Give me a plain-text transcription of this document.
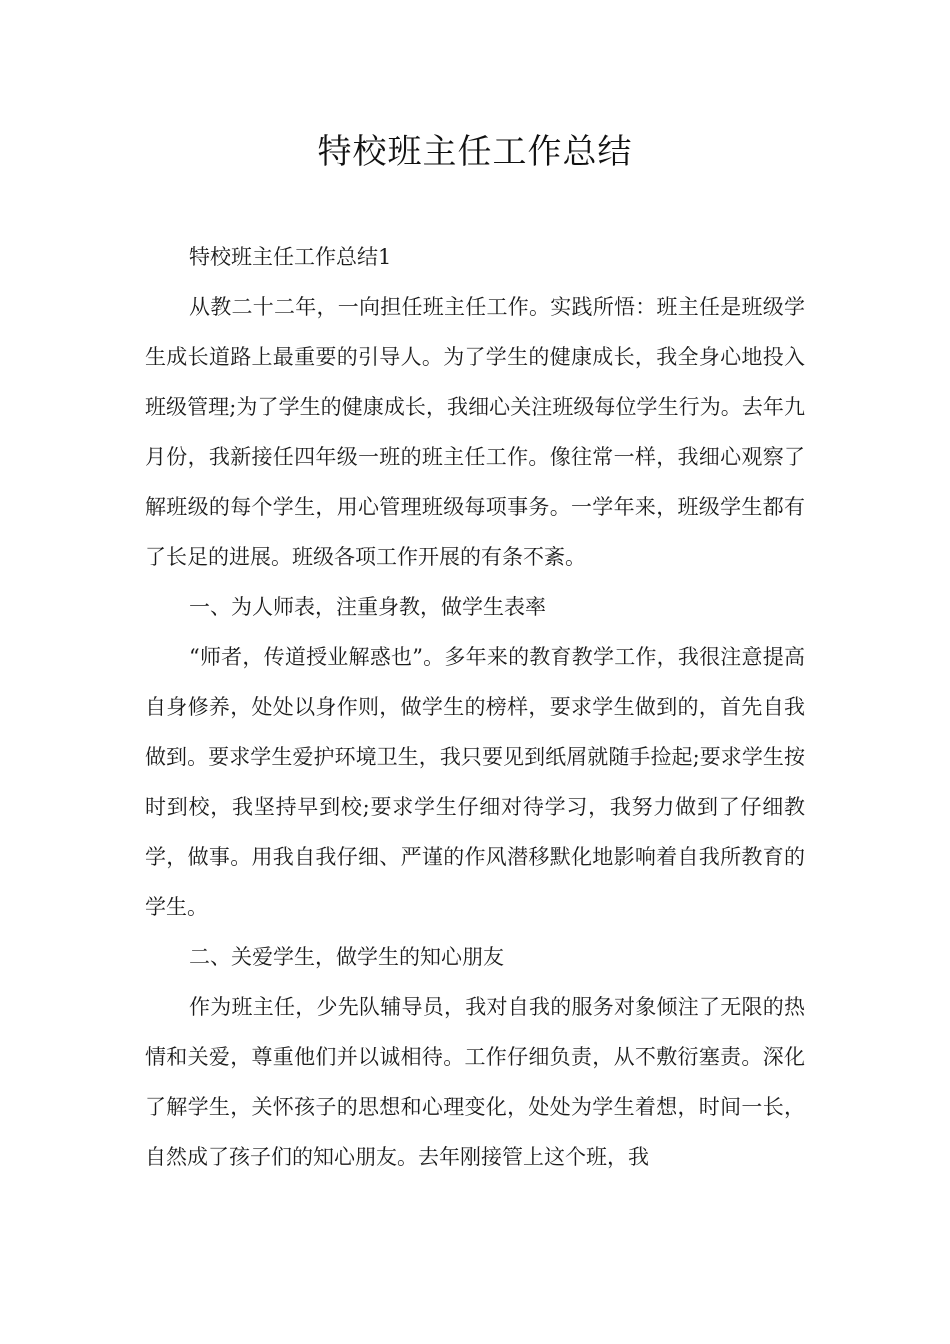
特校班主任工作总结

特校班主任工作总结1

从教二十二年，一向担任班主任工作。实践所悟：班主任是班级学生成长道路上最重要的引导人。为了学生的健康成长，我全身心地投入班级管理;为了学生的健康成长，我细心关注班级每位学生行为。去年九月份，我新接任四年级一班的班主任工作。像往常一样，我细心观察了解班级的每个学生，用心管理班级每项事务。一学年来，班级学生都有了长足的进展。班级各项工作开展的有条不紊。

一、为人师表，注重身教，做学生表率

“师者，传道授业解惑也”。多年来的教育教学工作，我很注意提高自身修养，处处以身作则，做学生的榜样，要求学生做到的，首先自我做到。要求学生爱护环境卫生，我只要见到纸屑就随手捡起;要求学生按时到校，我坚持早到校;要求学生仔细对待学习，我努力做到了仔细教学，做事。用我自我仔细、严谨的作风潜移默化地影响着自我所教育的学生。

二、关爱学生，做学生的知心朋友

作为班主任，少先队辅导员，我对自我的服务对象倾注了无限的热情和关爱，尊重他们并以诚相待。工作仔细负责，从不敷衍塞责。深化了解学生，关怀孩子的思想和心理变化，处处为学生着想，时间一长，自然成了孩子们的知心朋友。去年刚接管上这个班，我
